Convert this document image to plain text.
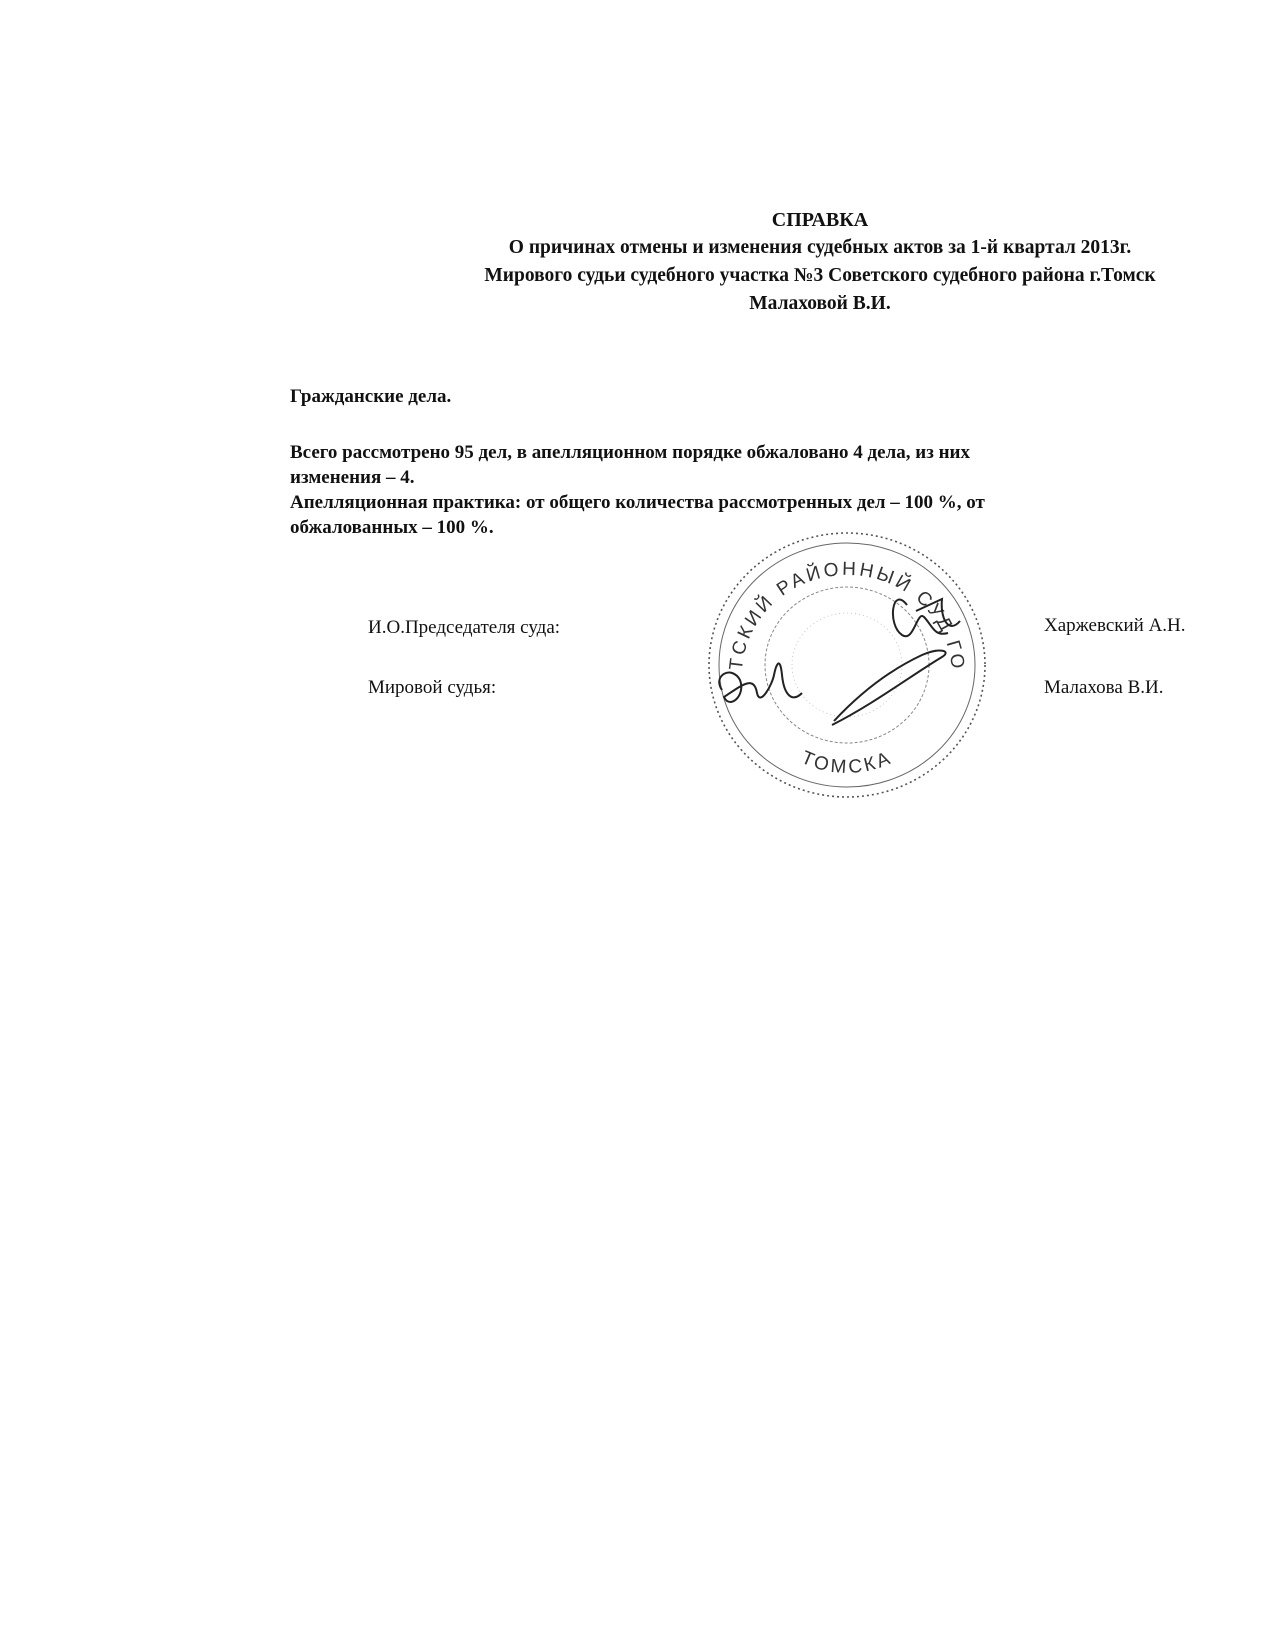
СПРАВКА
О причинах отмены и изменения судебных актов за 1-й квартал 2013г.
Мирового судьи судебного участка №3 Советского судебного района г.Томск
Малаховой В.И.
Гражданские дела.
Всего рассмотрено 95 дел, в апелляционном порядке обжаловано 4 дела, из них
изменения – 4.
Апелляционная практика: от общего количества рассмотренных дел – 100 %, от
обжалованных – 100 %.
ТСКИЙ РАЙОННЫЙ СУД ГО
ТОМСКА
И.О.Председателя суда:	Харжевский А.Н.
Мировой судья:	Малахова В.И.
